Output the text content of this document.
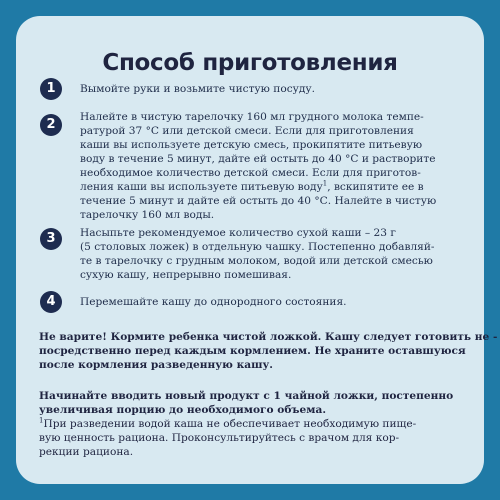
Способ приготовления
1	Вымойте руки и возьмите чистую посуду.
2	Налейте в чистую тарелочку 160 мл грудного молока темпе-
ратурой 37 °С или детской смеси. Если для приготовления
каши вы используете детскую смесь, прокипятите питьевую
воду в течение 5 минут, дайте ей остыть до 40 °С и растворите
необходимое количество детской смеси. Если для приготов-
ления каши вы используете питьевую воду$^1$, вскипятите ее в
течение 5 минут и дайте ей остыть до 40 °С. Налейте в чистую
тарелочку 160 мл воды.
3	Насыпьте рекомендуемое количество сухой каши – 23 г
(5 столовых ложек) в отдельную чашку. Постепенно добавляй-
те в тарелочку с грудным молоком, водой или детской смесью
сухую кашу, непрерывно помешивая.
4	Перемешайте кашу до однородного состояния.
Не варите! Кормите ребенка чистой ложкой. Кашу следует готовить не -
посредственно перед каждым кормлением. Не храните оставшуюся
после кормления разведенную кашу.
Начинайте вводить новый продукт с 1 чайной ложки, постепенно
увеличивая порцию до необходимого объема.
$^1$При разведении водой каша не обеспечивает необходимую пище-
вую ценность рациона. Проконсультируйтесь с врачом для кор-
рекции рациона.
